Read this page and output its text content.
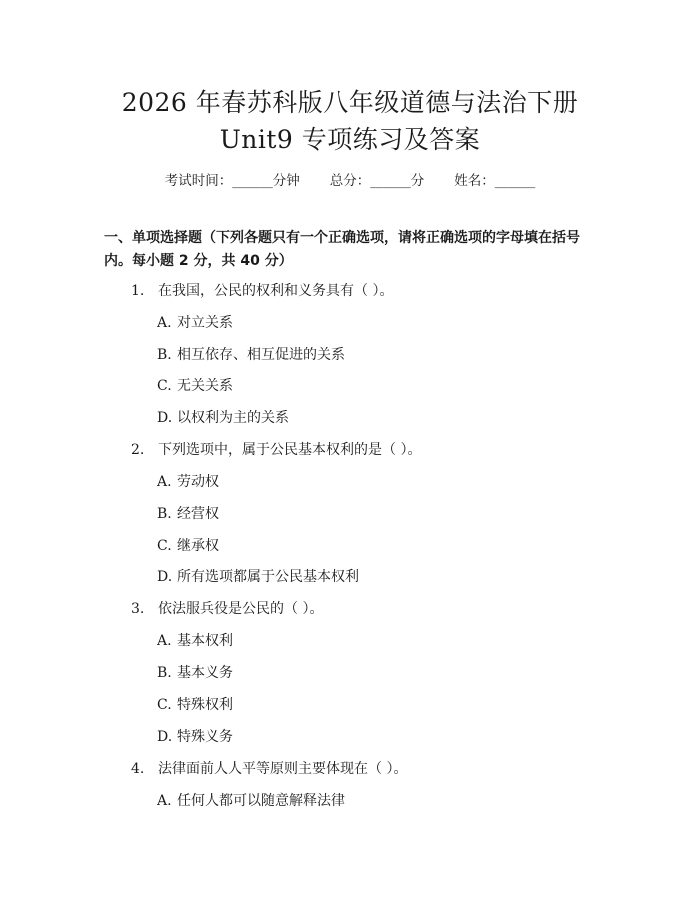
2026 年春苏科版八年级道德与法治下册
Unit9 专项练习及答案
考试时间：______分钟 总分：______分 姓名：______
一、单项选择题（下列各题只有一个正确选项，请将正确选项的字母填在括号内。每小题 2 分，共 40 分）
1. 在我国，公民的权利和义务具有（ ）。
A. 对立关系
B. 相互依存、相互促进的关系
C. 无关关系
D. 以权利为主的关系
2. 下列选项中，属于公民基本权利的是（ ）。
A. 劳动权
B. 经营权
C. 继承权
D. 所有选项都属于公民基本权利
3. 依法服兵役是公民的（ ）。
A. 基本权利
B. 基本义务
C. 特殊权利
D. 特殊义务
4. 法律面前人人平等原则主要体现在（ ）。
A. 任何人都可以随意解释法律
